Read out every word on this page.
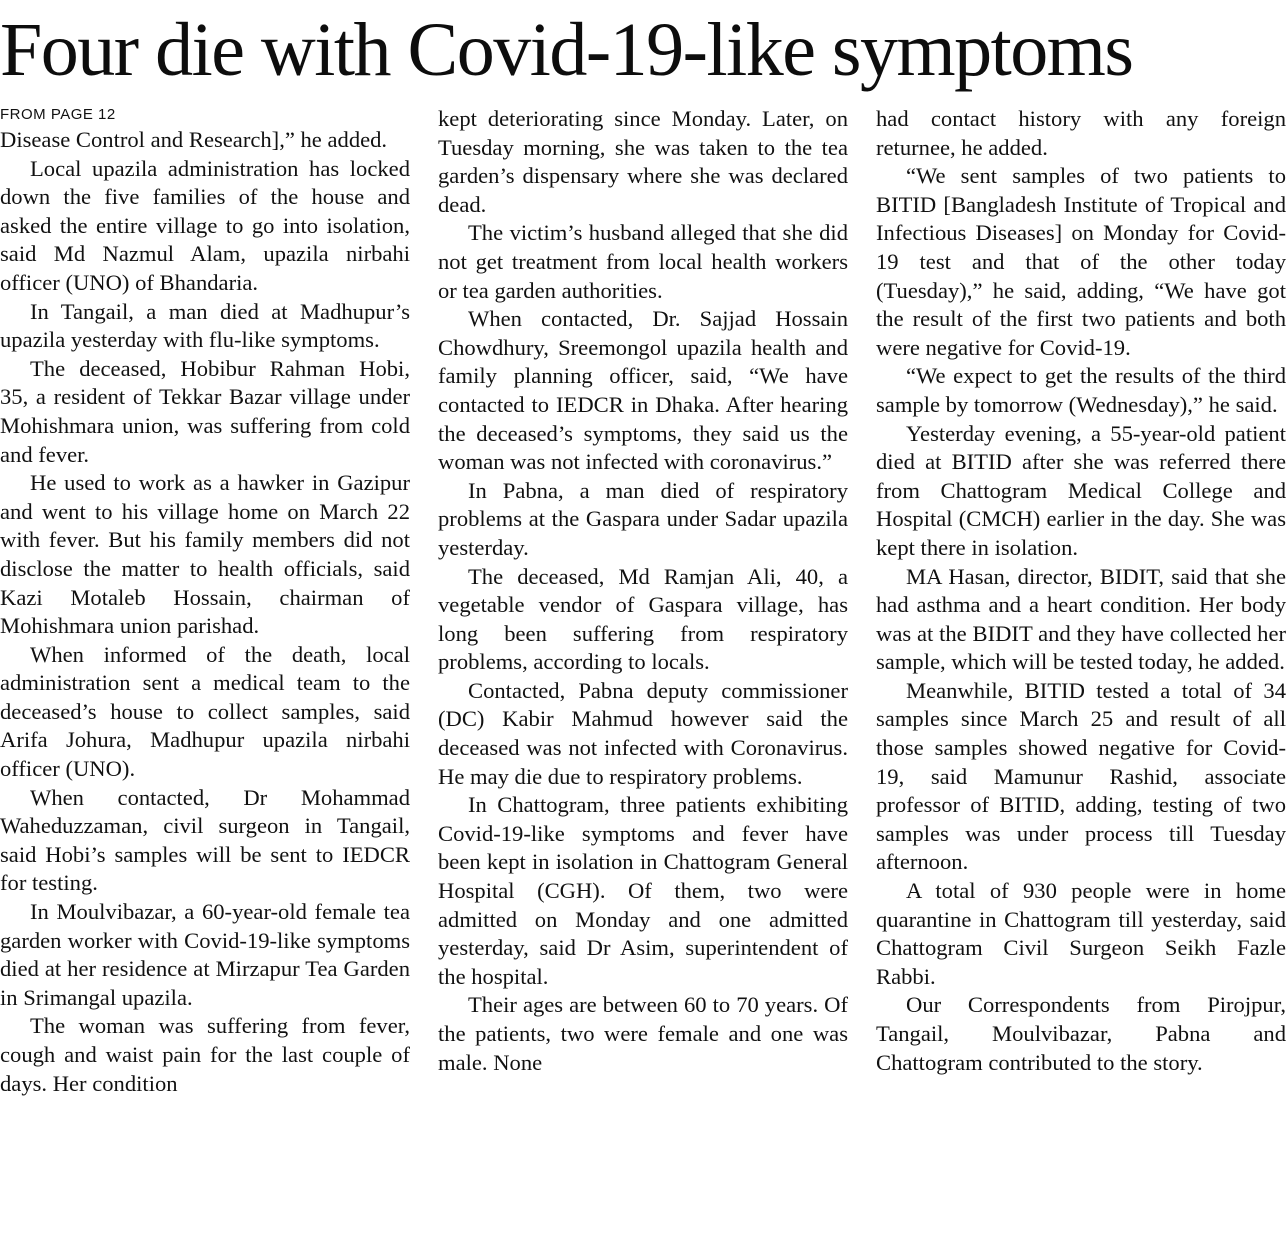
Four die with Covid-19-like symptoms
FROM PAGE 12

Disease Control and Research],” he added.

Local upazila administration has locked down the five families of the house and asked the entire village to go into isolation, said Md Nazmul Alam, upazila nirbahi officer (UNO) of Bhandaria.

In Tangail, a man died at Madhupur’s upazila yesterday with flu-like symptoms.

The deceased, Hobibur Rahman Hobi, 35, a resident of Tekkar Bazar village under Mohishmara union, was suffering from cold and fever.

He used to work as a hawker in Gazipur and went to his village home on March 22 with fever. But his family members did not disclose the matter to health officials, said Kazi Motaleb Hossain, chairman of Mohishmara union parishad.

When informed of the death, local administration sent a medical team to the deceased’s house to collect samples, said Arifa Johura, Madhupur upazila nirbahi officer (UNO).

When contacted, Dr Mohammad Waheduzzaman, civil surgeon in Tangail, said Hobi’s samples will be sent to IEDCR for testing.

In Moulvibazar, a 60-year-old female tea garden worker with Covid-19-like symptoms died at her residence at Mirzapur Tea Garden in Srimangal upazila.

The woman was suffering from fever, cough and waist pain for the last couple of days. Her condition

kept deteriorating since Monday. Later, on Tuesday morning, she was taken to the tea garden’s dispensary where she was declared dead.

The victim’s husband alleged that she did not get treatment from local health workers or tea garden authorities.

When contacted, Dr. Sajjad Hossain Chowdhury, Sreemongol upazila health and family planning officer, said, “We have contacted to IEDCR in Dhaka. After hearing the deceased’s symptoms, they said us the woman was not infected with coronavirus.”

In Pabna, a man died of respiratory problems at the Gaspara under Sadar upazila yesterday.

The deceased, Md Ramjan Ali, 40, a vegetable vendor of Gaspara village, has long been suffering from respiratory problems, according to locals.

Contacted, Pabna deputy commissioner (DC) Kabir Mahmud however said the deceased was not infected with Coronavirus. He may die due to respiratory problems.

In Chattogram, three patients exhibiting Covid-19-like symptoms and fever have been kept in isolation in Chattogram General Hospital (CGH). Of them, two were admitted on Monday and one admitted yesterday, said Dr Asim, superintendent of the hospital.

Their ages are between 60 to 70 years. Of the patients, two were female and one was male. None

had contact history with any foreign returnee, he added.

“We sent samples of two patients to BITID [Bangladesh Institute of Tropical and Infectious Diseases] on Monday for Covid-19 test and that of the other today (Tuesday),” he said, adding, “We have got the result of the first two patients and both were negative for Covid-19.

“We expect to get the results of the third sample by tomorrow (Wednesday),” he said.

Yesterday evening, a 55-year-old patient died at BITID after she was referred there from Chattogram Medical College and Hospital (CMCH) earlier in the day. She was kept there in isolation.

MA Hasan, director, BIDIT, said that she had asthma and a heart condition. Her body was at the BIDIT and they have collected her sample, which will be tested today, he added.

Meanwhile, BITID tested a total of 34 samples since March 25 and result of all those samples showed negative for Covid-19, said Mamunur Rashid, associate professor of BITID, adding, testing of two samples was under process till Tuesday afternoon.

A total of 930 people were in home quarantine in Chattogram till yesterday, said Chattogram Civil Surgeon Seikh Fazle Rabbi.

Our Correspondents from Pirojpur, Tangail, Moulvibazar, Pabna and Chattogram contributed to the story.
